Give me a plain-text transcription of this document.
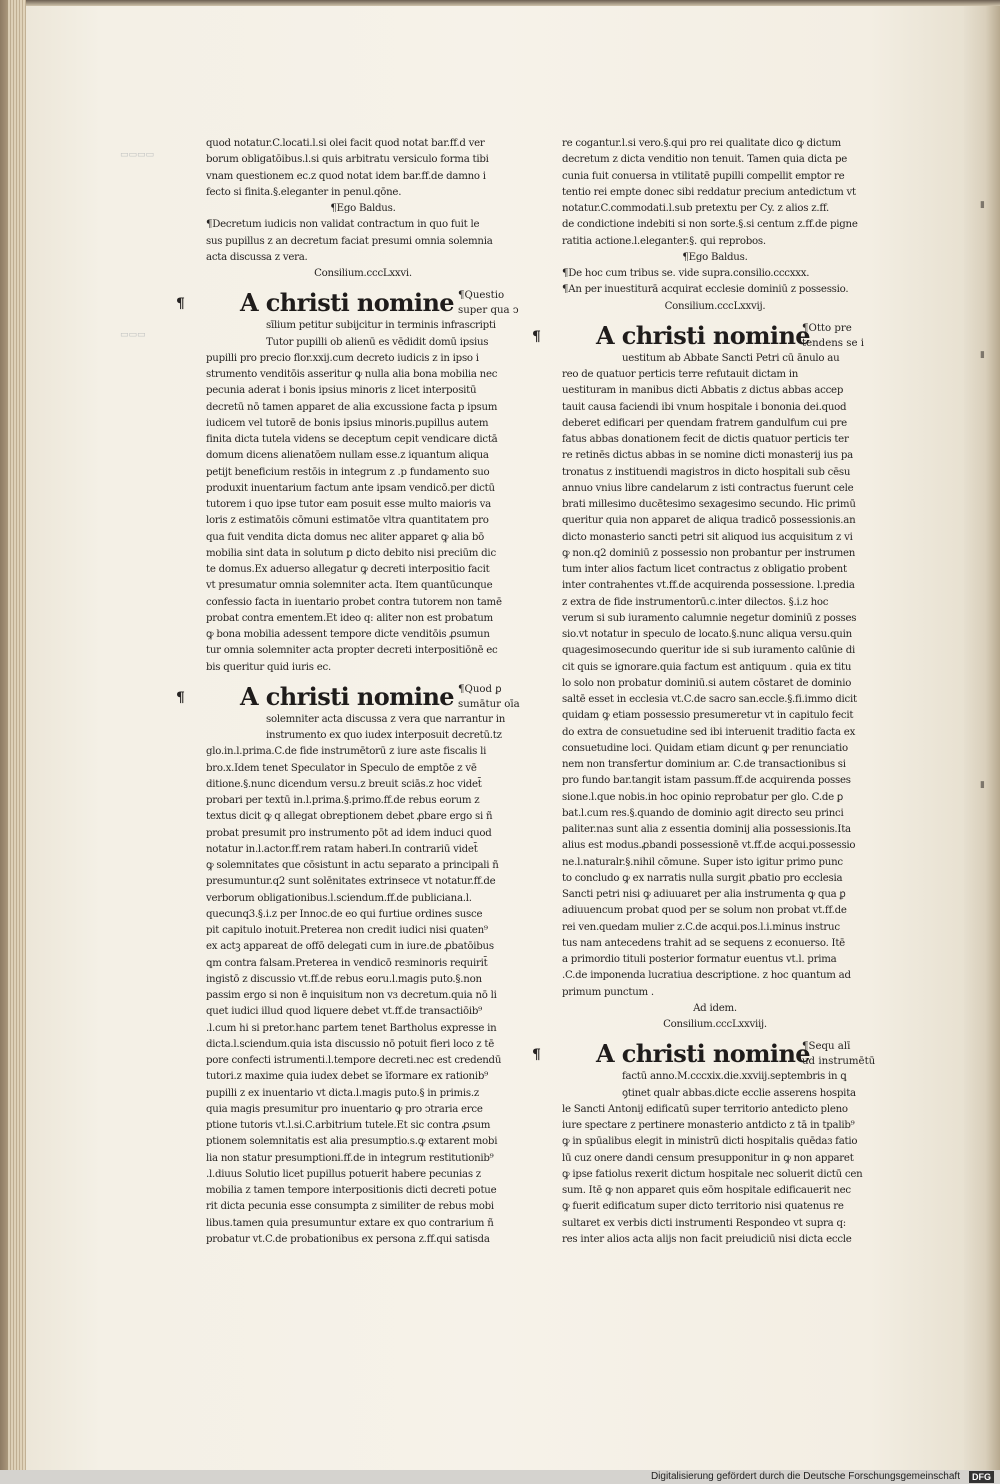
▭▭▭▭
▭▭▭
▮
▮
▮
quod notatur.C.locati.l.si olei facit quod notat bar.ff.d ver
borum obligatōibus.l.si quis arbitratu versiculo forma tibi
vnam questionem ec.z quod notat idem bar.ff.de damno i
fecto si finita.§.eleganter in penul.qōne.
¶Ego Baldus.
¶Decretum iudicis non validat contractum in quo fuit le
sus pupillus z an decretum faciat presumi omnia solemnia
acta discussa z vera.
Consilium.cccLxxvi.
¶ A christi nomine ¶Questio
super qua ↄ
sīlium petitur subijcitur in terminis infrascripti
Tutor pupilli ob alienū es vēdidit domū ipsius
pupilli pro precio flor.xxij.cum decreto iudicis z in ipso i
strumento venditōis asseritur ꝙ nulla alia bona mobilia nec
pecunia aderat i bonis ipsius minoris z licet interpositū
decretū nō tamen apparet de alia excussione facta p ipsum
iudicem vel tutorē de bonis ipsius minoris.pupillus autem
finita dicta tutela videns se deceptum cepit vendicare dictā
domum dicens alienatōem nullam esse.z iquantum aliqua
petijt beneficium restōis in integrum z .p fundamento suo
produxit inuentarium factum ante ipsam vendicō.per dictū
tutorem i quo ipse tutor eam posuit esse multo maioris va
loris z estimatōis cōmuni estimatōe vltra quantitatem pro
qua fuit vendita dicta domus nec aliter apparet ꝙ alia bō
mobilia sint data in solutum ꝑ dicto debito nisi preciūm dic
te domus.Ex aduerso allegatur ꝙ decreti interpositio facit
vt presumatur omnia solemniter acta. Item quantūcunque
confessio facta in iuentario probet contra tutorem non tamē
probat contra ementem.Et ideo q: aliter non est probatum
ꝙ bona mobilia adessent tempore dicte venditōis ꝓsumun
tur omnia solemniter acta propter decreti interpositiōnē ec
bis queritur quid iuris ec.
¶ A christi nomine ¶Quod ꝑ
sumātur oīa
solemniter acta discussa z vera que narrantur in
instrumento ex quo iudex interposuit decretū.tz
glo.in.l.prima.C.de fide instrumētorū z iure aste fiscalis li
bro.x.Idem tenet Speculator in Speculo de emptōe z vē
ditione.§.nunc dicendum versu.z breuit sciās.z hoc videt̄
probari per textū in.l.prima.§.primo.ff.de rebus eorum z
textus dicit ꝙ q allegat obreptionem debet ꝓbare ergo si ñ
probat presumit pro instrumento pōt ad idem induci quod
notatur in.l.actor.ff.rem ratam haberi.In contrariū videt̄
ꝙ solemnitates que cōsistunt in actu separato a principali ñ
presumuntur.q2 sunt solēnitates extrinsece vt notatur.ff.de
verborum obligationibus.l.sciendum.ff.de publiciana.l.
quecunq3.§.i.z per Innoc.de eo qui furtiue ordines susce
pit capitulo inotuit.Preterea non credit iudici nisi quaten⁹
ex actꝫ appareat de offō delegati cum in iure.de ꝓbatōibus
ꝗm contra falsam.Preterea in vendicō reɜminoris requirit̄
ingistō z discussio vt.ff.de rebus eoru.l.magis puto.§.non
passim ergo si non ē inquisitum non vɜ decretum.quia nō li
quet iudici illud quod liquere debet vt.ff.de transactiōib⁹
.l.cum hi si pretor.hanc partem tenet Bartholus expresse in
dicta.l.sciendum.quia ista discussio nō potuit fieri loco z tē
pore confecti istrumenti.l.tempore decreti.nec est credendū
tutori.z maxime quia iudex debet se īformare ex rationib⁹
pupilli z ex inuentario vt dicta.l.magis puto.§ in primis.z
quia magis presumitur pro inuentario ꝙ pro ↄtraria erce
ptione tutoris vt.l.si.C.arbitrium tutele.Et sic contra ꝓsum
ptionem solemnitatis est alia presumptio.s.ꝙ extarent mobi
lia non statur presumptioni.ff.de in integrum restitutionib⁹
.l.diuus Solutio licet pupillus potuerit habere pecunias z
mobilia z tamen tempore interpositionis dicti decreti potue
rit dicta pecunia esse consumpta z similiter de rebus mobi
libus.tamen quia presumuntur extare ex quo contrarium ñ
probatur vt.C.de probationibus ex persona z.ff.qui satisda
re cogantur.l.si vero.§.qui pro rei qualitate dico ꝙ dictum
decretum z dicta venditio non tenuit. Tamen quia dicta pe
cunia fuit conuersa in vtilitatē pupilli compellit emptor re
tentio rei empte donec sibi reddatur precium antedictum vt
notatur.C.commodati.l.sub pretextu per Cy. z alios z.ff.
de condictione indebiti si non sorte.§.si centum z.ff.de pigne
ratitia actione.l.eleganter.§. qui reprobos.
¶Ego Baldus.
¶De hoc cum tribus se. vide supra.consilio.cccxxx.
¶An per inuestiturā acquirat ecclesie dominiū z possessio.
Consilium.cccLxxvij.
¶ A christi nomine
¶Otto pre
tendens se i
uestitum ab Abbate Sancti Petri cū ānulo au
reo de quatuor perticis terre refutauit dictam in
uestituram in manibus dicti Abbatis z dictus abbas accep
tauit causa faciendi ibi vnum hospitale i bononia dei.quod
deberet edificari per quendam fratrem gandulfum cui pre
fatus abbas donationem fecit de dictis quatuor perticis ter
re retinēs dictus abbas in se nomine dicti monasterij ius pa
tronatus z instituendi magistros in dicto hospitali sub cēsu
annuo vnius libre candelarum z isti contractus fuerunt cele
brati millesimo ducētesimo sexagesimo secundo. Hic primū
queritur quia non apparet de aliqua tradicō possessionis.an
dicto monasterio sancti petri sit aliquod ius acquisitum z vi
ꝙ non.q2 dominiū z possessio non probantur per instrumen
tum inter alios factum licet contractus z obligatio probent
inter contrahentes vt.ff.de acquirenda possessione. l.predia
z extra de fide instrumentorū.c.inter dilectos. §.i.z hoc
verum si sub iuramento calumnie negetur dominiū z posses
sio.vt notatur in speculo de locato.§.nunc aliqua versu.quin
quagesimosecundo queritur ide si sub iuramento calūnie di
cit quis se ignorare.quia factum est antiquum . quia ex titu
lo solo non probatur dominiū.si autem cōstaret de dominio
saltē esset in ecclesia vt.C.de sacro san.eccle.§.fi.immo dicit
quidam ꝙ etiam possessio presumeretur vt in capitulo fecit
do extra de consuetudine sed ibi interuenit traditio facta ex
consuetudine loci. Quidam etiam dicunt ꝙ per renunciatio
nem non transfertur dominium ar. C.de transactionibus si
pro fundo bar.tangit istam passum.ff.de acquirenda posses
sione.l.que nobis.in hoc opinio reprobatur per glo. C.de ꝑ
bat.l.cum res.§.quando de dominio agit directo seu princi
paliter.naɜ sunt alia z essentia dominij alia possessionis.Ita
alius est modus.ꝓbandi possessionē vt.ff.de acqui.possessio
ne.l.naturalr.§.nihil cōmune. Super isto igitur primo punc
to concludo ꝙ ex narratis nulla surgit ꝓbatio pro ecclesia
Sancti petri nisi ꝙ adiuuaret per alia instrumenta ꝙ qua ꝑ
adiuuencum probat quod per se solum non probat vt.ff.de
rei ven.quedam mulier z.C.de acqui.pos.l.i.minus instruc
tus nam antecedens trahit ad se sequens z econuerso. Itē
a primordio tituli posterior formatur euentus vt.l. prima
.C.de imponenda lucratiua descriptione. z hoc quantum ad
primum punctum .
Ad idem.
Consilium.cccLxxviij.
¶ A christi nomine
¶Sequ alī
ud instrumētū
factū anno.M.cccxix.die.xxviij.septembris in ꝗ
ꝯtinet qualr abbas.dicte ecclie asserens hospita
le Sancti Antonij edificatū super territorio antedicto pleno
iure spectare z pertinere monasterio antdicto z tā in tpalib⁹
ꝙ in spūalibus elegit in ministrū dicti hospitalis quēdaɜ fatio
lū cuz onere dandi censum presupponitur in ꝙ non apparet
ꝙ ipse fatiolus rexerit dictum hospitale nec soluerit dictū cen
sum. Itē ꝙ non apparet quis eōm hospitale edificauerit nec
ꝙ fuerit edificatum super dicto territorio nisi quatenus re
sultaret ex verbis dicti instrumenti Respondeo vt supra q:
res inter alios acta alijs non facit preiudiciū nisi dicta eccle
Digitalisierung gefördert durch die Deutsche Forschungsgemeinschaft	DFG
